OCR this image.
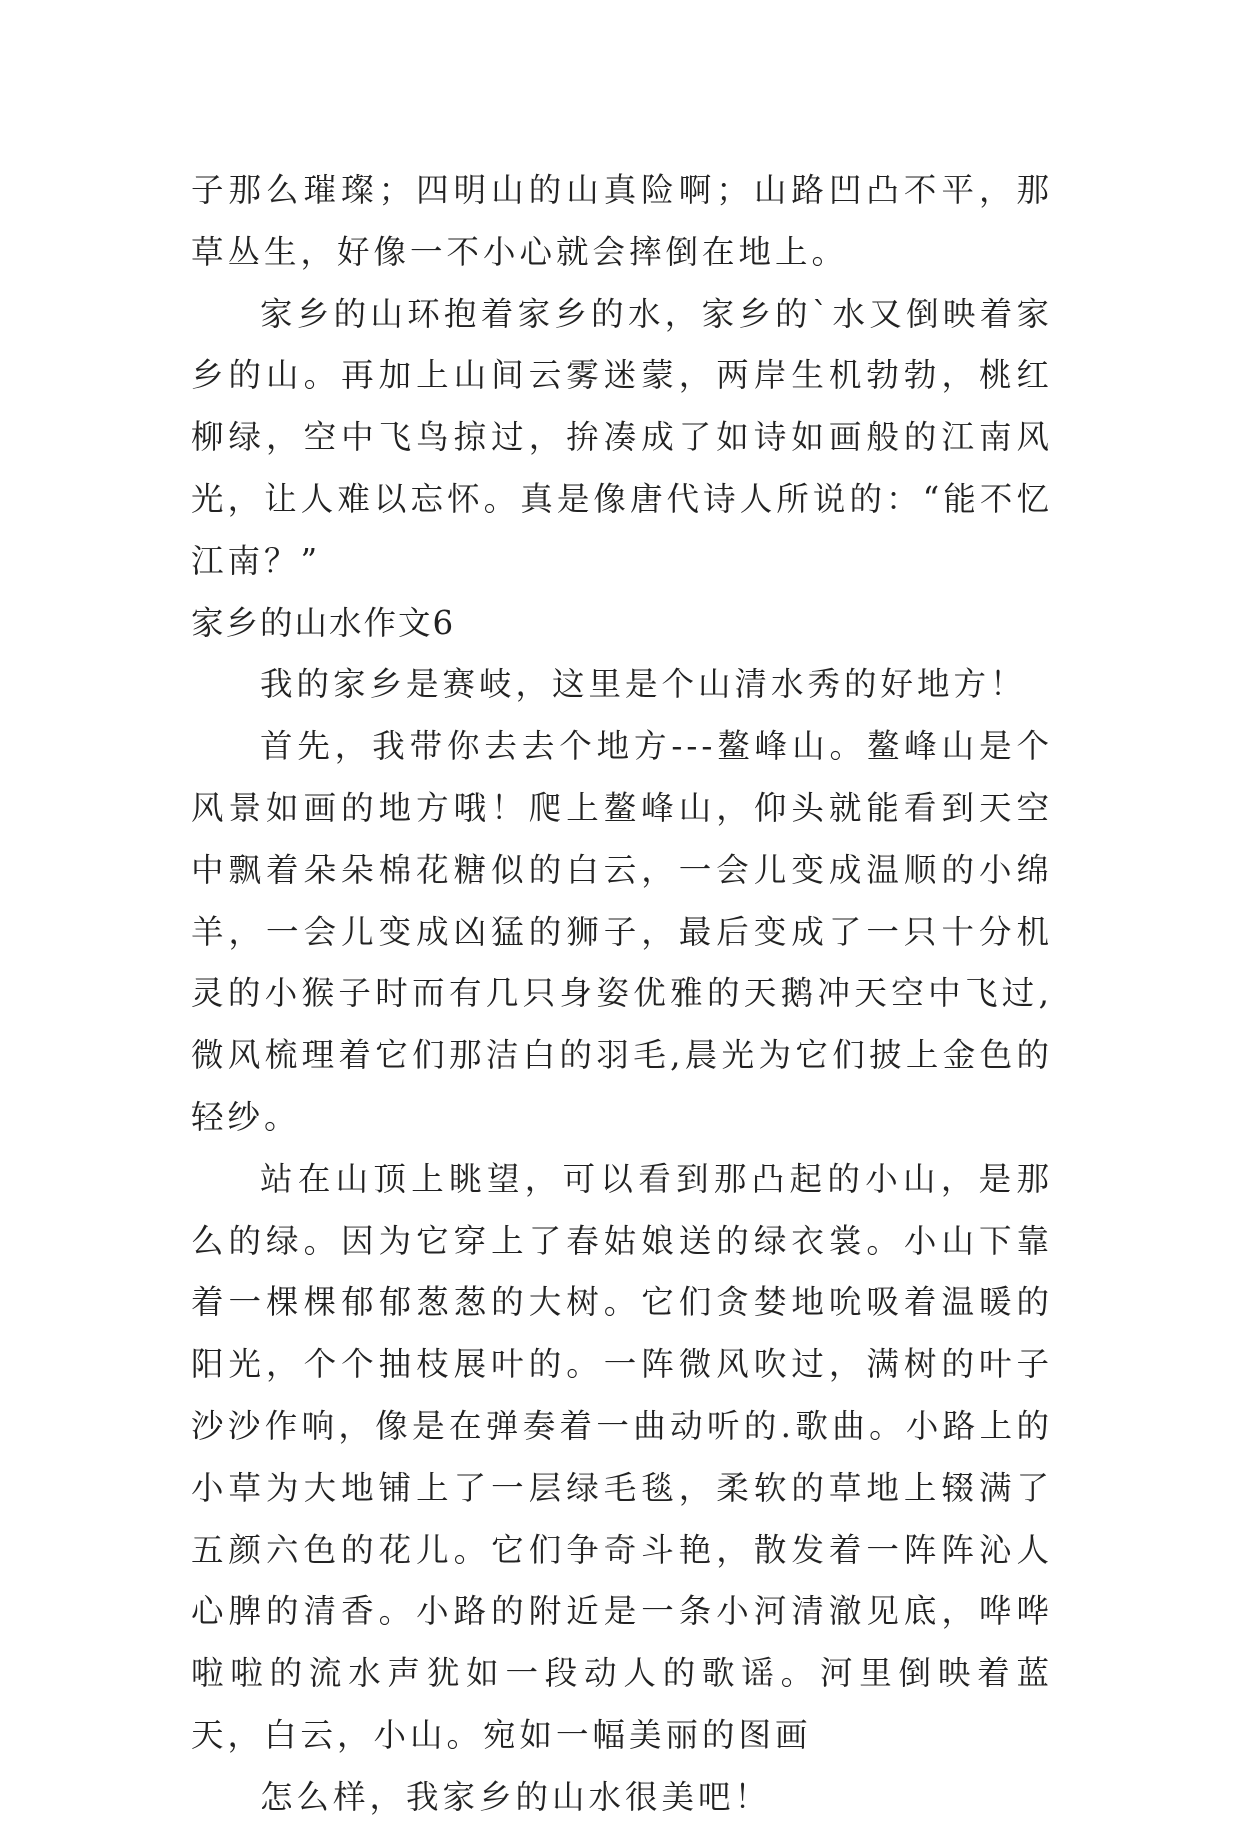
子那么璀璨；四明山的山真险啊；山路凹凸不平，那草丛生，好像一不小心就会摔倒在地上。

家乡的山环抱着家乡的水，家乡的`水又倒映着家乡的山。再加上山间云雾迷蒙，两岸生机勃勃，桃红柳绿，空中飞鸟掠过，拚凑成了如诗如画般的江南风光，让人难以忘怀。真是像唐代诗人所说的：“能不忆江南？”

家乡的山水作文6

我的家乡是赛岐，这里是个山清水秀的好地方！

首先，我带你去去个地方---鳌峰山。鳌峰山是个风景如画的地方哦！爬上鳌峰山，仰头就能看到天空中飘着朵朵棉花糖似的白云，一会儿变成温顺的小绵羊，一会儿变成凶猛的狮子，最后变成了一只十分机灵的小猴子时而有几只身姿优雅的天鹅冲天空中飞过,微风梳理着它们那洁白的羽毛,晨光为它们披上金色的轻纱。

站在山顶上眺望，可以看到那凸起的小山，是那么的绿。因为它穿上了春姑娘送的绿衣裳。小山下靠着一棵棵郁郁葱葱的大树。它们贪婪地吮吸着温暖的阳光，个个抽枝展叶的。一阵微风吹过，满树的叶子沙沙作响，像是在弹奏着一曲动听的.歌曲。小路上的小草为大地铺上了一层绿毛毯，柔软的草地上辍满了五颜六色的花儿。它们争奇斗艳，散发着一阵阵沁人心脾的清香。小路的附近是一条小河清澈见底，哗哗啦啦的流水声犹如一段动人的歌谣。河里倒映着蓝天，白云，小山。宛如一幅美丽的图画

怎么样，我家乡的山水很美吧！
